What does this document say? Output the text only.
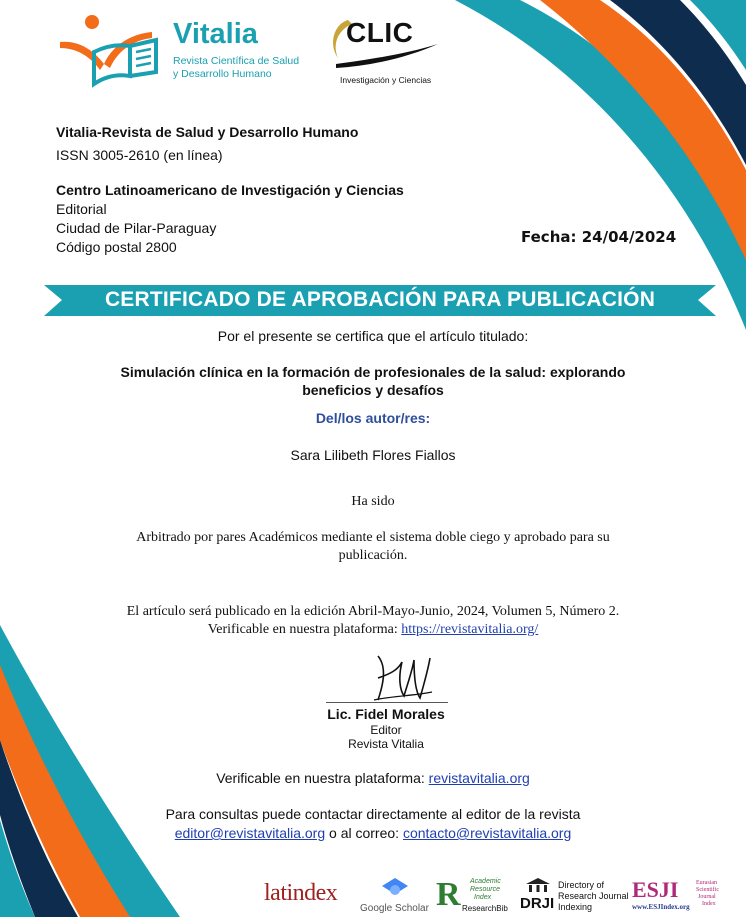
Vitalia
Revista Científica de Salud
y Desarrollo Humano
CLIC
Investigación y Ciencias
Vitalia-Revista de Salud y Desarrollo Humano
ISSN 3005-2610 (en línea)
Centro Latinoamericano de Investigación y Ciencias
Editorial
Ciudad de Pilar-Paraguay
Código postal 2800
Fecha: 24/04/2024
CERTIFICADO DE APROBACIÓN PARA PUBLICACIÓN
Por el presente se certifica que el artículo titulado:
Simulación clínica en la formación de profesionales de la salud: explorando
beneficios y desafíos
Del/los autor/res:
Sara Lilibeth Flores Fiallos
Ha sido
Arbitrado por pares Académicos mediante el sistema doble ciego y aprobado para su
publicación.
El artículo será publicado en la edición Abril-Mayo-Junio, 2024, Volumen 5, Número 2.
Verificable en nuestra plataforma: https://revistavitalia.org/
Lic. Fidel Morales
Editor
Revista Vitalia
Verificable en nuestra plataforma: revistavitalia.org
Para consultas puede contactar directamente al editor de la revista
editor@revistavitalia.org o al correo: contacto@revistavitalia.org
latindex
Google Scholar R Academic
Resource
Index
ResearchBib DRJI
Directory of
Research Journal
Indexing
ESJI
www.ESJIndex.org
Eurasian
Scientific
Journal
Index
